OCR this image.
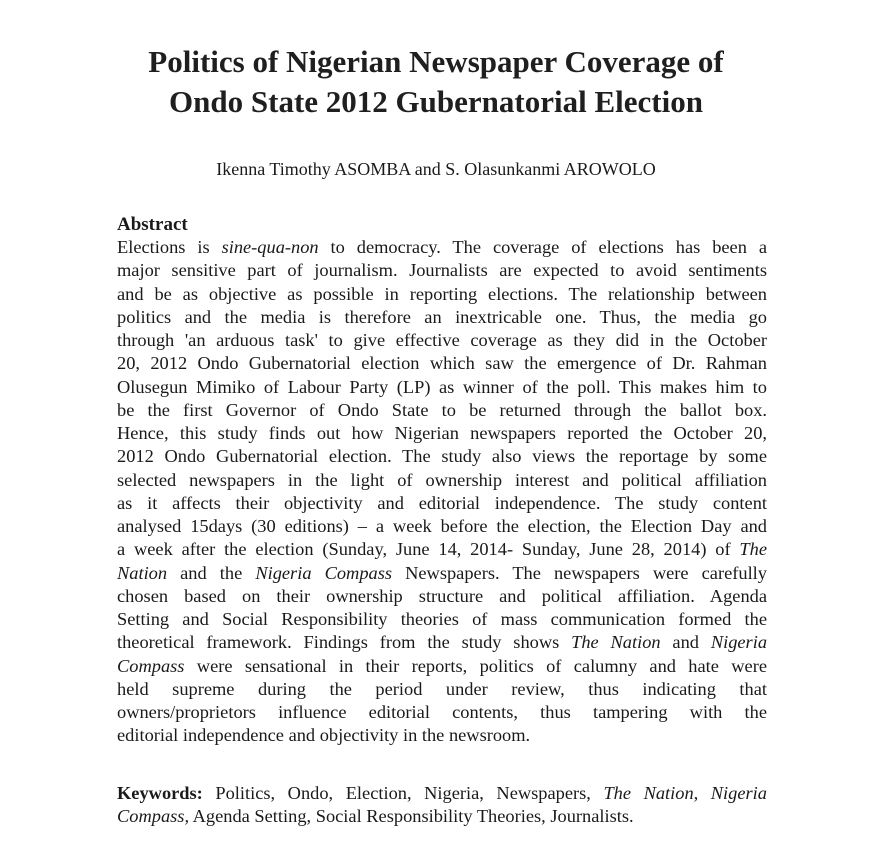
Politics of Nigerian Newspaper Coverage of
Ondo State 2012 Gubernatorial Election

Ikenna Timothy ASOMBA and S. Olasunkanmi AROWOLO

Abstract
Elections is sine-qua-non to democracy. The coverage of elections has been a
major sensitive part of journalism. Journalists are expected to avoid sentiments
and be as objective as possible in reporting elections. The relationship between
politics and the media is therefore an inextricable one. Thus, the media go
through 'an arduous task' to give effective coverage as they did in the October
20, 2012 Ondo Gubernatorial election which saw the emergence of Dr. Rahman
Olusegun Mimiko of Labour Party (LP) as winner of the poll. This makes him to
be the first Governor of Ondo State to be returned through the ballot box.
Hence, this study finds out how Nigerian newspapers reported the October 20,
2012 Ondo Gubernatorial election. The study also views the reportage by some
selected newspapers in the light of ownership interest and political affiliation
as it affects their objectivity and editorial independence. The study content
analysed 15days (30 editions) – a week before the election, the Election Day and
a week after the election (Sunday, June 14, 2014- Sunday, June 28, 2014) of The
Nation and the Nigeria Compass Newspapers. The newspapers were carefully
chosen based on their ownership structure and political affiliation. Agenda
Setting and Social Responsibility theories of mass communication formed the
theoretical framework. Findings from the study shows The Nation and Nigeria
Compass were sensational in their reports, politics of calumny and hate were
held supreme during the period under review, thus indicating that
owners/proprietors influence editorial contents, thus tampering with the
editorial independence and objectivity in the newsroom.
Keywords: Politics, Ondo, Election, Nigeria, Newspapers, The Nation, Nigeria
Compass, Agenda Setting, Social Responsibility Theories, Journalists.
